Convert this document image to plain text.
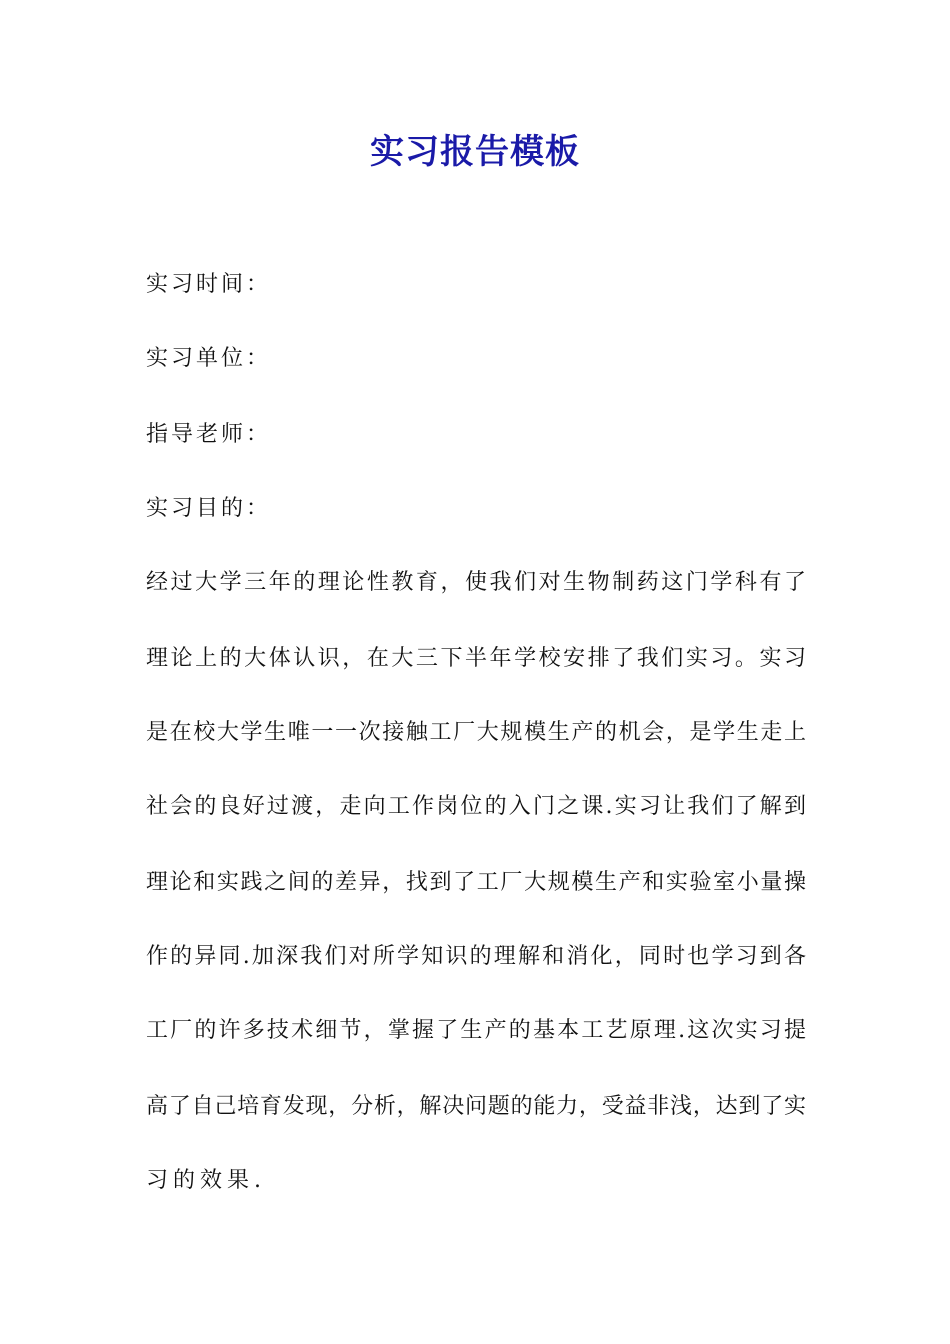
实习报告模板
实习时间：
实习单位：
指导老师：
实习目的：
经过大学三年的理论性教育，使我们对生物制药这门学科有了
理论上的大体认识，在大三下半年学校安排了我们实习。实习
是在校大学生唯一一次接触工厂大规模生产的机会，是学生走上
社会的良好过渡，走向工作岗位的入门之课.实习让我们了解到
理论和实践之间的差异，找到了工厂大规模生产和实验室小量操
作的异同.加深我们对所学知识的理解和消化，同时也学习到各
工厂的许多技术细节，掌握了生产的基本工艺原理.这次实习提
高了自己培育发现，分析，解决问题的能力，受益非浅，达到了实
习的效果.
